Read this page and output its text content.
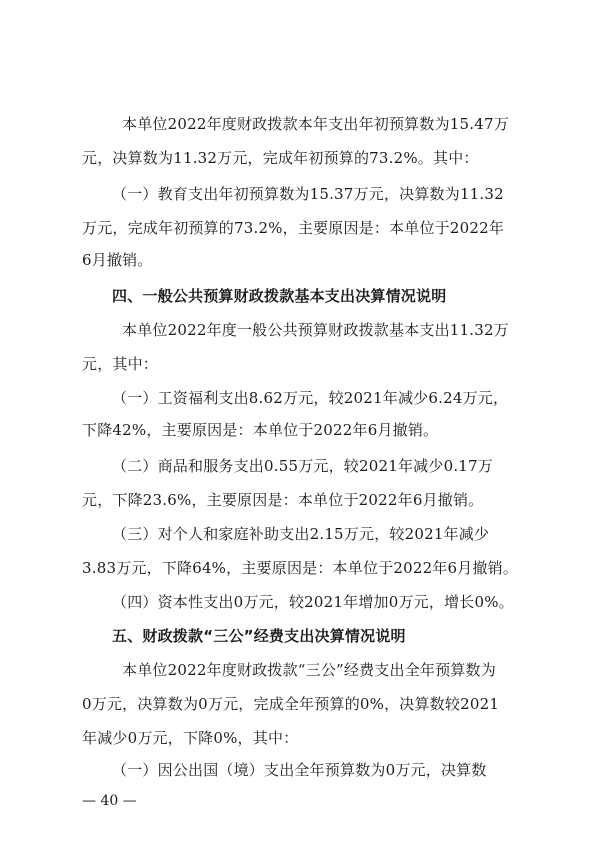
本单位2022年度财政拨款本年支出年初预算数为15.47万
元，决算数为11.32万元，完成年初预算的73.2%。其中：
（一）教育支出年初预算数为15.37万元，决算数为11.32
万元，完成年初预算的73.2%，主要原因是：本单位于2022年
6月撤销。
四、一般公共预算财政拨款基本支出决算情况说明
本单位2022年度一般公共预算财政拨款基本支出11.32万
元，其中：
（一）工资福利支出8.62万元，较2021年减少6.24万元，
下降42%，主要原因是：本单位于2022年6月撤销。
（二）商品和服务支出0.55万元，较2021年减少0.17万
元，下降23.6%，主要原因是：本单位于2022年6月撤销。
（三）对个人和家庭补助支出2.15万元，较2021年减少
3.83万元，下降64%，主要原因是：本单位于2022年6月撤销。
（四）资本性支出0万元，较2021年增加0万元，增长0%。
五、财政拨款“三公”经费支出决算情况说明
本单位2022年度财政拨款“三公”经费支出全年预算数为
0万元，决算数为0万元，完成全年预算的0%，决算数较2021
年减少0万元，下降0%，其中：
（一）因公出国（境）支出全年预算数为0万元，决算数
— 40 —
